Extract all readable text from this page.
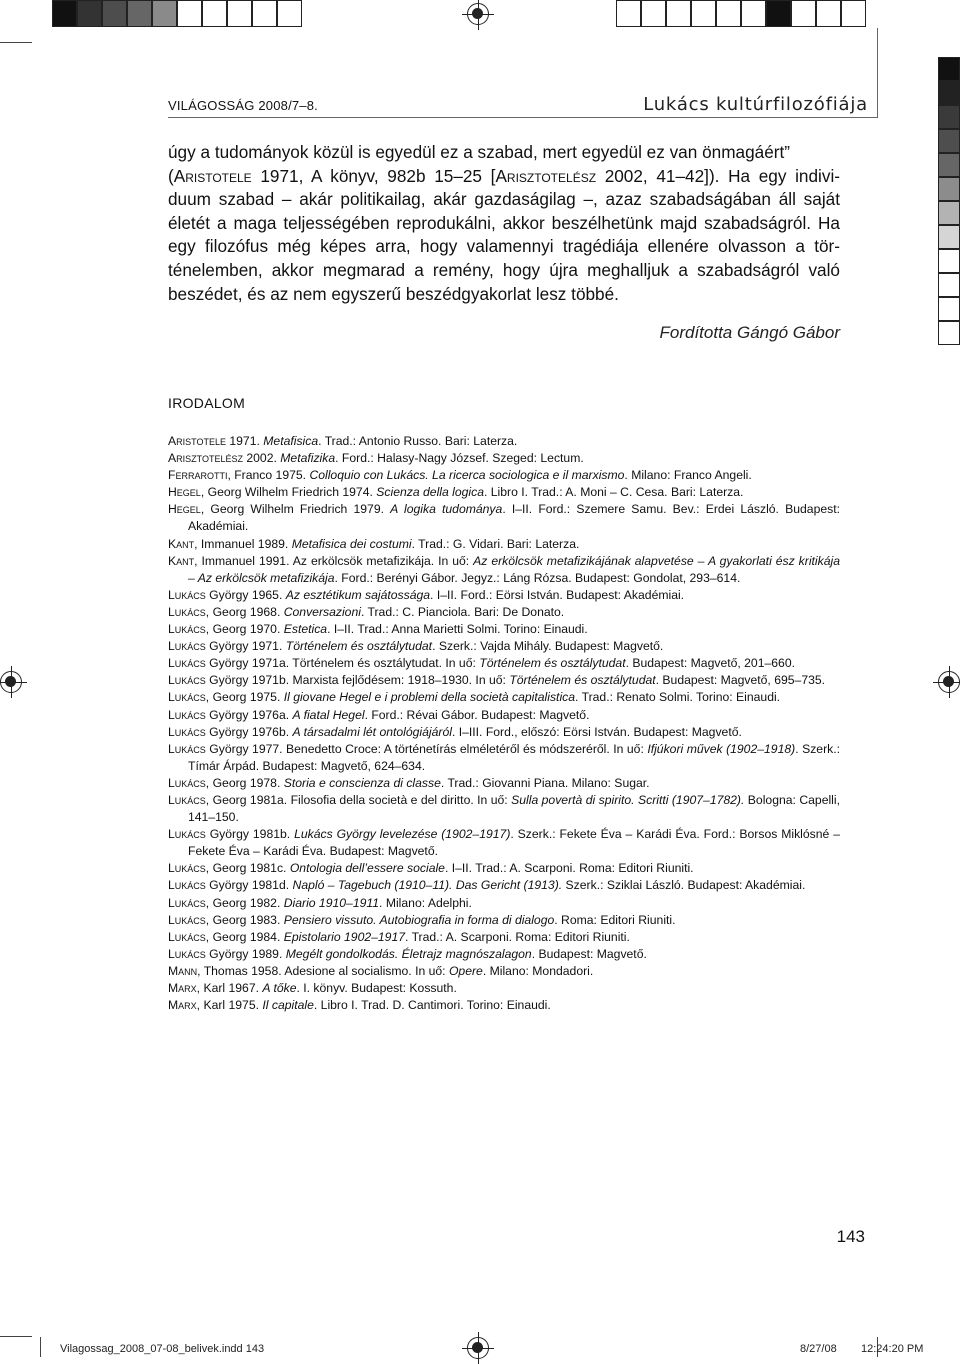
VILÁGOSSÁG 2008/7–8.	Lukács kultúrfilozófiája
úgy a tudományok közül is egyedül ez a szabad, mert egyedül ez van önmagáért”
(Aristotele 1971, A könyv, 982b 15–25 [Arisztotelész 2002, 41–42]). Ha egy indivi- duum szabad – akár politikailag, akár gazdaságilag –, azaz szabadságában áll saját életét a maga teljességében reprodukálni, akkor beszélhetünk majd szabadságról. Ha egy filozófus még képes arra, hogy valamennyi tragédiája ellenére olvasson a tör-ténelemben, akkor megmarad a remény, hogy újra meghalljuk a szabadságról való beszédet, és az nem egyszerű beszédgyakorlat lesz többé.
Fordította Gángó Gábor
IRODALOM
Aristotele 1971. Metafisica. Trad.: Antonio Russo. Bari: Laterza.
Arisztotelész 2002. Metafizika. Ford.: Halasy-Nagy József. Szeged: Lectum.
Ferrarotti, Franco 1975. Colloquio con Lukács. La ricerca sociologica e il marxismo. Milano: Franco Angeli.
Hegel, Georg Wilhelm Friedrich 1974. Scienza della logica. Libro I. Trad.: A. Moni – C. Cesa. Bari: Laterza.
Hegel, Georg Wilhelm Friedrich 1979. A logika tudománya. I–II. Ford.: Szemere Samu. Bev.: Erdei László. Budapest: Akadémiai.
Kant, Immanuel 1989. Metafisica dei costumi. Trad.: G. Vidari. Bari: Laterza.
Kant, Immanuel 1991. Az erkölcsök metafizikája. In uő: Az erkölcsök metafizikájának alapvetése – A gyakorlati ész kritikája – Az erkölcsök metafizikája. Ford.: Berényi Gábor. Jegyz.: Láng Rózsa. Budapest: Gondolat, 293–614.
Lukács György 1965. Az esztétikum sajátossága. I–II. Ford.: Eörsi István. Budapest: Akadémiai.
Lukács, Georg 1968. Conversazioni. Trad.: C. Pianciola. Bari: De Donato.
Lukács, Georg 1970. Estetica. I–II. Trad.: Anna Marietti Solmi. Torino: Einaudi.
Lukács György 1971. Történelem és osztálytudat. Szerk.: Vajda Mihály. Budapest: Magvető.
Lukács György 1971a. Történelem és osztálytudat. In uő: Történelem és osztálytudat. Budapest: Magvető, 201–660.
Lukács György 1971b. Marxista fejlődésem: 1918–1930. In uő: Történelem és osztálytudat. Budapest: Magvető, 695–735.
Lukács, Georg 1975. Il giovane Hegel e i problemi della società capitalistica. Trad.: Renato Solmi. Torino: Einaudi.
Lukács György 1976a. A fiatal Hegel. Ford.: Révai Gábor. Budapest: Magvető.
Lukács György 1976b. A társadalmi lét ontológiájáról. I–III. Ford., előszó: Eörsi István. Budapest: Magvető.
Lukács György 1977. Benedetto Croce: A történetírás elméletéről és módszeréről. In uő: Ifjúkori művek (1902–1918). Szerk.: Tímár Árpád. Budapest: Magvető, 624–634.
Lukács, Georg 1978. Storia e conscienza di classe. Trad.: Giovanni Piana. Milano: Sugar.
Lukács, Georg 1981a. Filosofia della società e del diritto. In uő: Sulla povertà di spirito. Scritti (1907–1782). Bologna: Capelli, 141–150.
Lukács György 1981b. Lukács György levelezése (1902–1917). Szerk.: Fekete Éva – Karádi Éva. Ford.: Borsos Miklósné – Fekete Éva – Karádi Éva. Budapest: Magvető.
Lukács, Georg 1981c. Ontologia dell’essere sociale. I–II. Trad.: A. Scarponi. Roma: Editori Riuniti.
Lukács György 1981d. Napló – Tagebuch (1910–11). Das Gericht (1913). Szerk.: Sziklai László. Budapest: Akadémiai.
Lukács, Georg 1982. Diario 1910–1911. Milano: Adelphi.
Lukács, Georg 1983. Pensiero vissuto. Autobiografia in forma di dialogo. Roma: Editori Riuniti.
Lukács, Georg 1984. Epistolario 1902–1917. Trad.: A. Scarponi. Roma: Editori Riuniti.
Lukács György 1989. Megélt gondolkodás. Életrajz magnószalagon. Budapest: Magvető.
Mann, Thomas 1958. Adesione al socialismo. In uő: Opere. Milano: Mondadori.
Marx, Karl 1967. A tőke. I. könyv. Budapest: Kossuth.
Marx, Karl 1975. Il capitale. Libro I. Trad. D. Cantimori. Torino: Einaudi.
143
Vilagossag_2008_07-08_belivek.indd 143	8/27/08 12:24:20 PM
